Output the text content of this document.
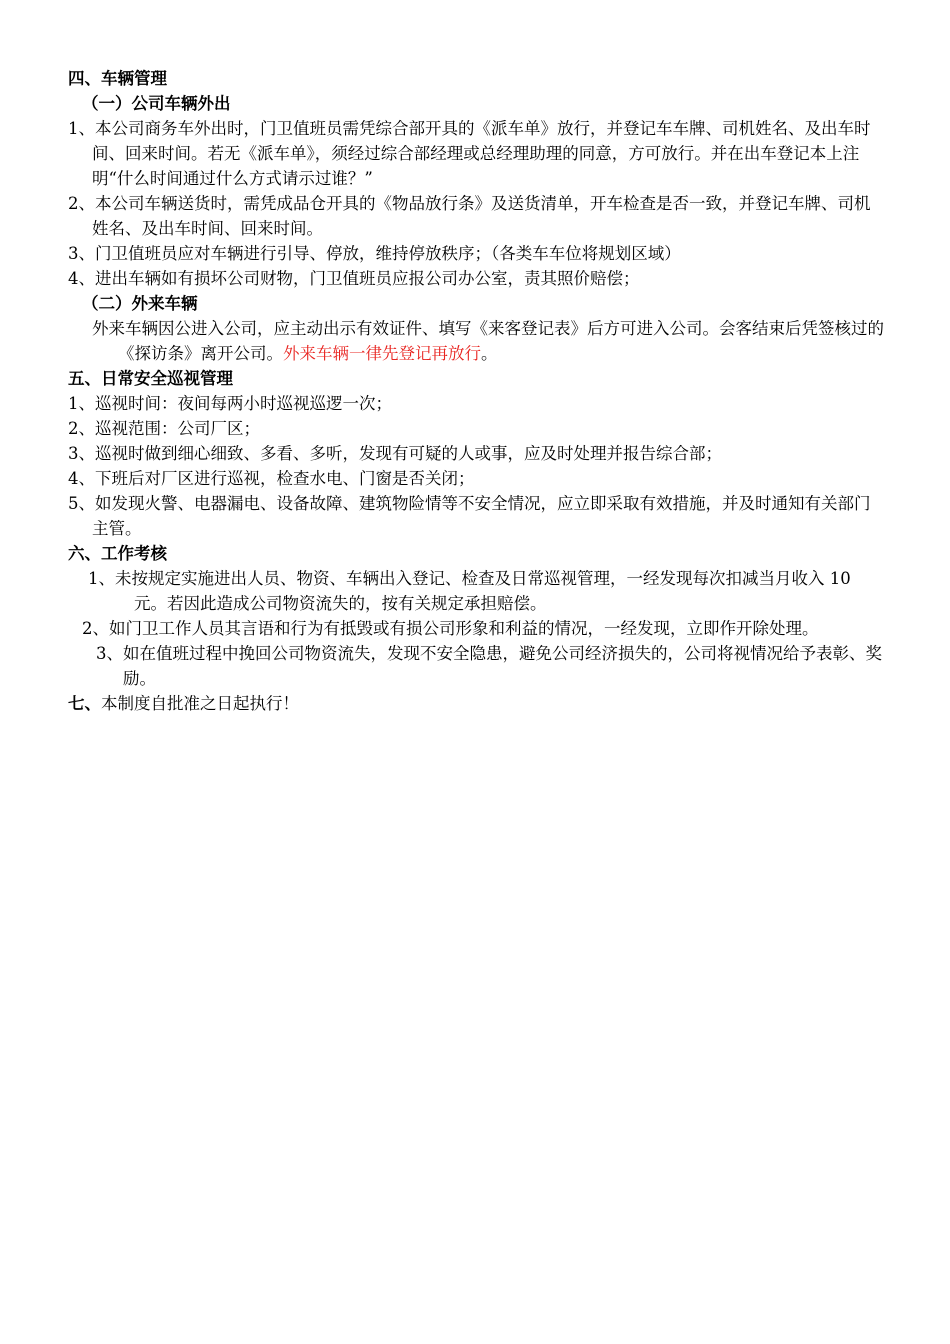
四、车辆管理

（一）公司车辆外出

1、本公司商务车外出时，门卫值班员需凭综合部开具的《派车单》放行，并登记车车牌、司机姓名、及出车时间、回来时间。若无《派车单》，须经过综合部经理或总经理助理的同意，方可放行。并在出车登记本上注明“什么时间通过什么方式请示过谁？”

2、本公司车辆送货时，需凭成品仓开具的《物品放行条》及送货清单，开车检查是否一致，并登记车牌、司机姓名、及出车时间、回来时间。

3、门卫值班员应对车辆进行引导、停放，维持停放秩序；（各类车车位将规划区域）

4、进出车辆如有损坏公司财物，门卫值班员应报公司办公室，责其照价赔偿；

（二）外来车辆

外来车辆因公进入公司，应主动出示有效证件、填写《来客登记表》后方可进入公司。会客结束后凭签核过的《探访条》离开公司。外来车辆一律先登记再放行。

五、日常安全巡视管理

1、巡视时间：夜间每两小时巡视巡逻一次；

2、巡视范围：公司厂区；

3、巡视时做到细心细致、多看、多听，发现有可疑的人或事，应及时处理并报告综合部；

4、下班后对厂区进行巡视，检查水电、门窗是否关闭；

5、如发现火警、电器漏电、设备故障、建筑物险情等不安全情况，应立即采取有效措施，并及时通知有关部门主管。

六、工作考核

1、未按规定实施进出人员、物资、车辆出入登记、检查及日常巡视管理，一经发现每次扣减当月收入 10 元。若因此造成公司物资流失的，按有关规定承担赔偿。

2、如门卫工作人员其言语和行为有抵毁或有损公司形象和利益的情况，一经发现，立即作开除处理。

3、如在值班过程中挽回公司物资流失，发现不安全隐患，避免公司经济损失的，公司将视情况给予表彰、奖励。

七、本制度自批准之日起执行！
